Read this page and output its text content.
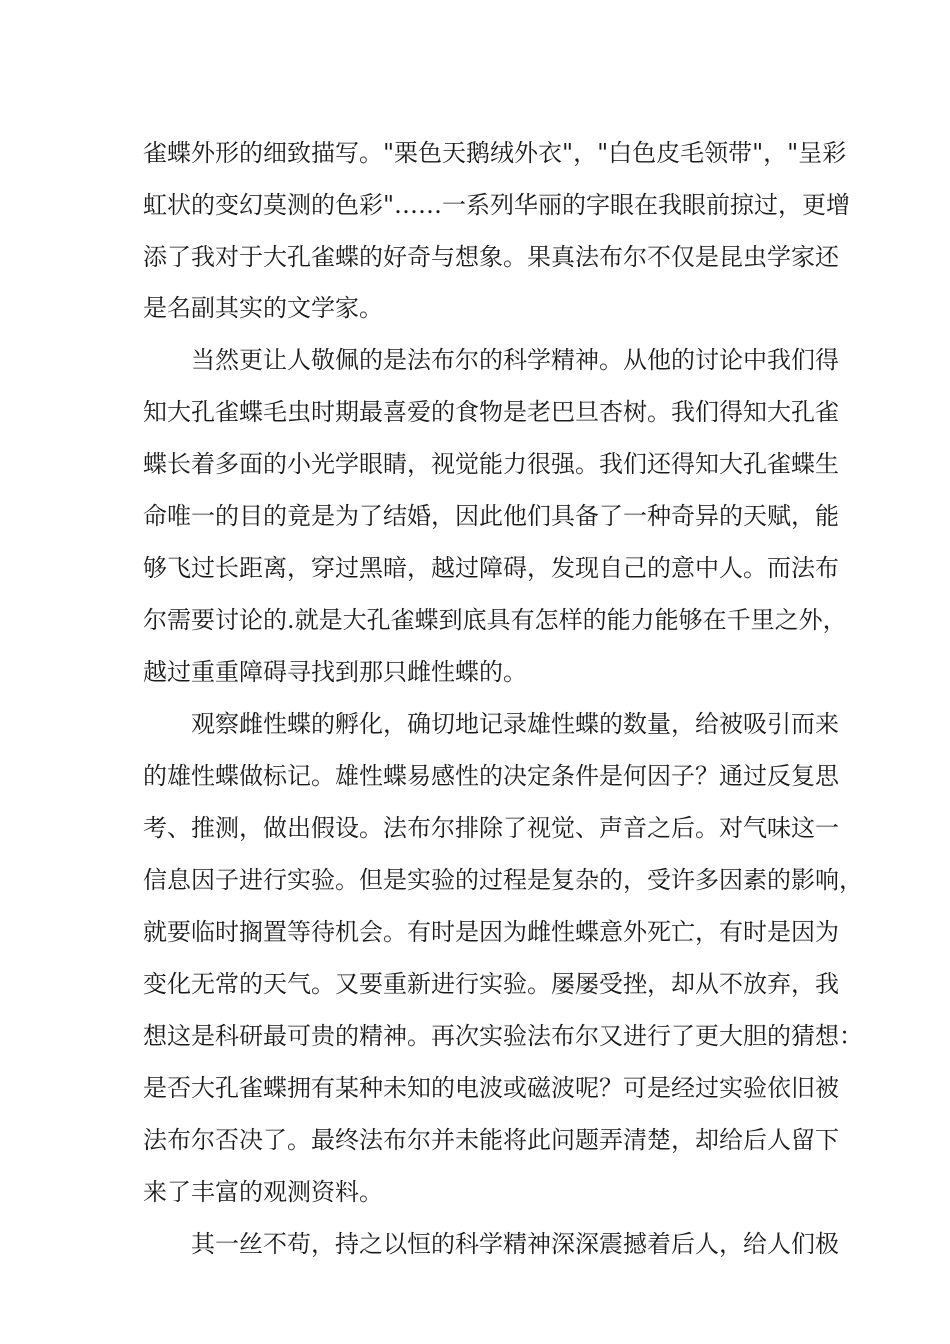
雀蝶外形的细致描写。"栗色天鹅绒外衣"，"白色皮毛领带"，"呈彩
虹状的变幻莫测的色彩"……一系列华丽的字眼在我眼前掠过，更增
添了我对于大孔雀蝶的好奇与想象。果真法布尔不仅是昆虫学家还
是名副其实的文学家。
当然更让人敬佩的是法布尔的科学精神。从他的讨论中我们得
知大孔雀蝶毛虫时期最喜爱的食物是老巴旦杏树。我们得知大孔雀
蝶长着多面的小光学眼睛，视觉能力很强。我们还得知大孔雀蝶生
命唯一的目的竟是为了结婚，因此他们具备了一种奇异的天赋，能
够飞过长距离，穿过黑暗，越过障碍，发现自己的意中人。而法布
尔需要讨论的.就是大孔雀蝶到底具有怎样的能力能够在千里之外，
越过重重障碍寻找到那只雌性蝶的。
观察雌性蝶的孵化，确切地记录雄性蝶的数量，给被吸引而来
的雄性蝶做标记。雄性蝶易感性的决定条件是何因子？通过反复思
考、推测，做出假设。法布尔排除了视觉、声音之后。对气味这一
信息因子进行实验。但是实验的过程是复杂的，受许多因素的影响，
就要临时搁置等待机会。有时是因为雌性蝶意外死亡，有时是因为
变化无常的天气。又要重新进行实验。屡屡受挫，却从不放弃，我
想这是科研最可贵的精神。再次实验法布尔又进行了更大胆的猜想：
是否大孔雀蝶拥有某种未知的电波或磁波呢？可是经过实验依旧被
法布尔否决了。最终法布尔并未能将此问题弄清楚，却给后人留下
来了丰富的观测资料。
其一丝不苟，持之以恒的科学精神深深震撼着后人，给人们极
